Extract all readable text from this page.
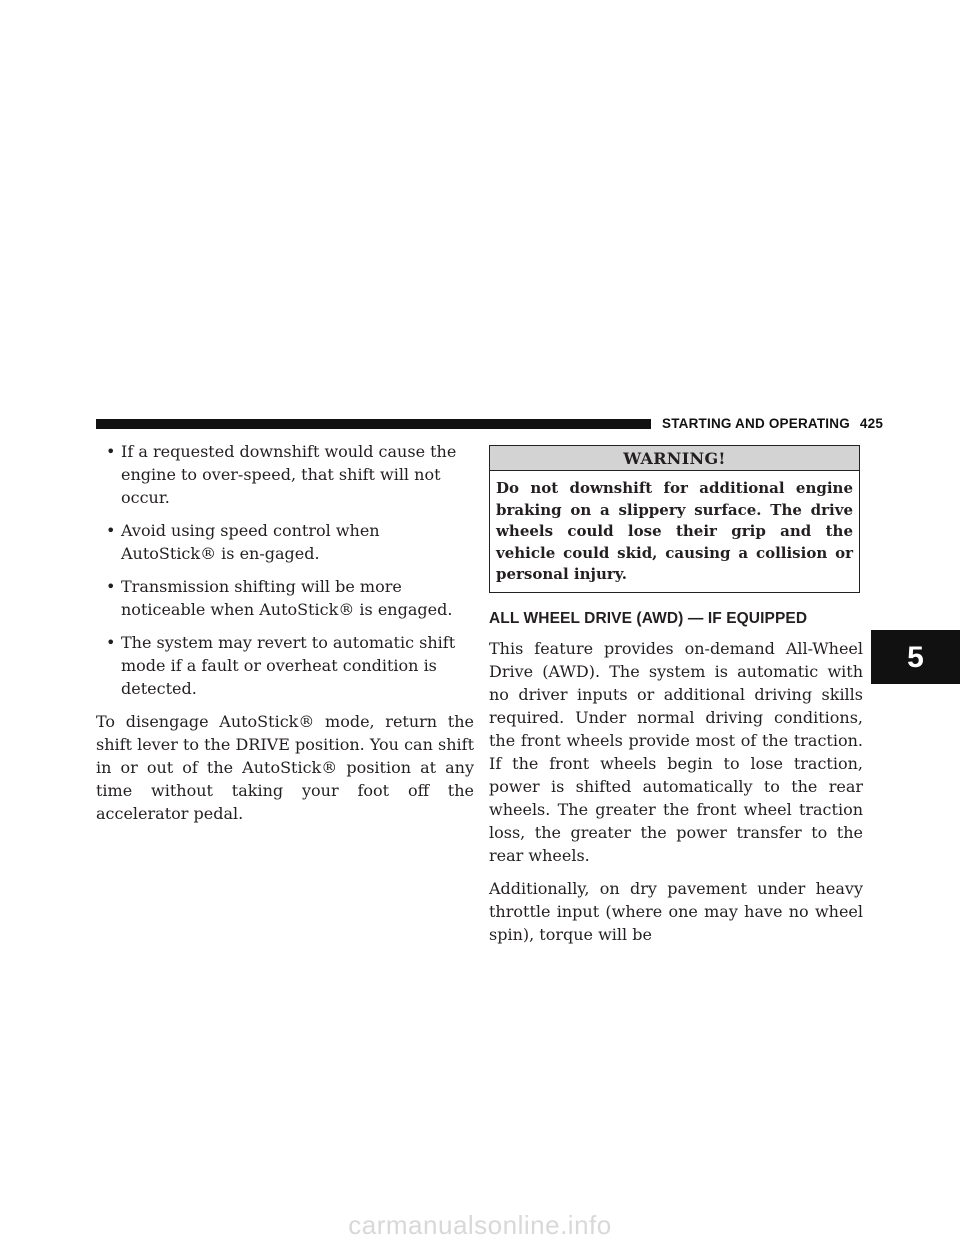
STARTING AND OPERATING 425
• If a requested downshift would cause the engine to over-speed, that shift will not occur.
• Avoid using speed control when AutoStick® is en-gaged.
• Transmission shifting will be more noticeable when AutoStick® is engaged.
• The system may revert to automatic shift mode if a fault or overheat condition is detected.

To disengage AutoStick® mode, return the shift lever to the DRIVE position. You can shift in or out of the AutoStick® position at any time without taking your foot off the accelerator pedal.

WARNING!
Do not downshift for additional engine braking on a slippery surface. The drive wheels could lose their grip and the vehicle could skid, causing a collision or personal injury.
ALL WHEEL DRIVE (AWD) — IF EQUIPPED

This feature provides on-demand All-Wheel Drive (AWD). The system is automatic with no driver inputs or additional driving skills required. Under normal driving conditions, the front wheels provide most of the traction. If the front wheels begin to lose traction, power is shifted automatically to the rear wheels. The greater the front wheel traction loss, the greater the power transfer to the rear wheels.

Additionally, on dry pavement under heavy throttle input (where one may have no wheel spin), torque will be

5
carmanualsonline.info
